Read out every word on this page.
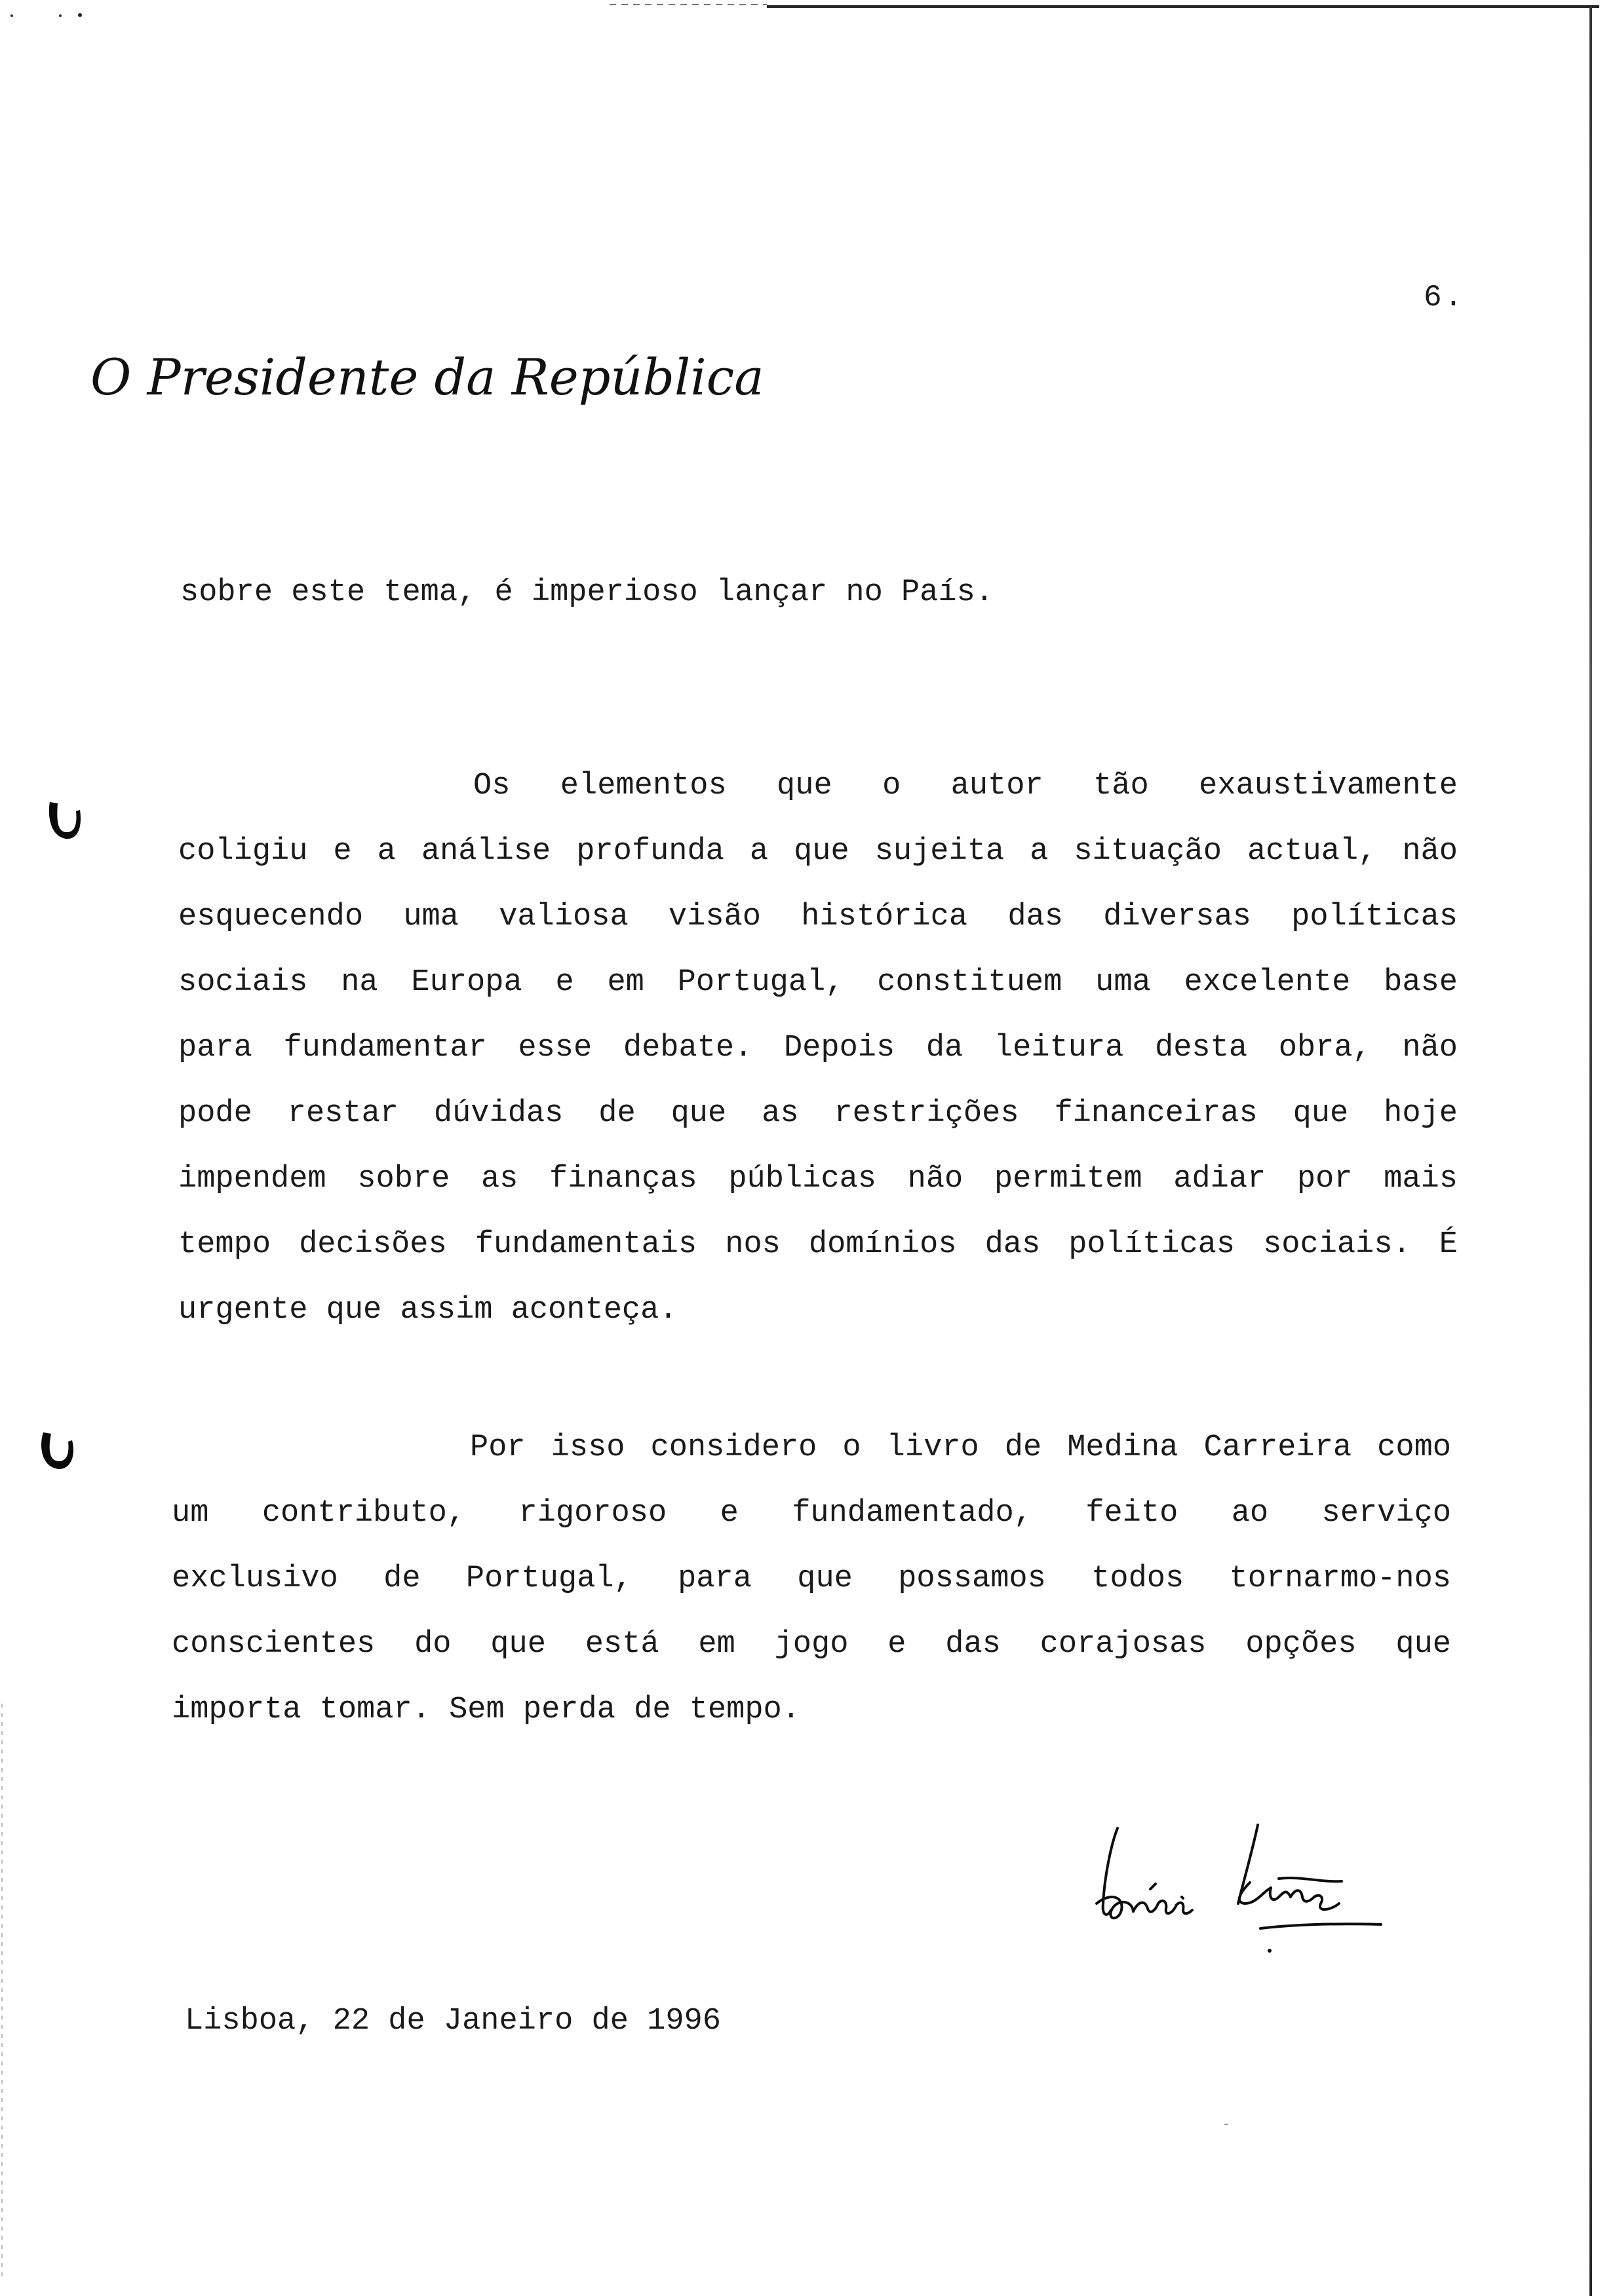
6.
O Presidente da República
sobre este tema, é imperioso lançar no País.
Os elementos que o autor tão exaustivamente
coligiu e a análise profunda a que sujeita a situação actual, não
esquecendo uma valiosa visão histórica das diversas políticas
sociais na Europa e em Portugal, constituem uma excelente base
para fundamentar esse debate. Depois da leitura desta obra, não
pode restar dúvidas de que as restrições financeiras que hoje
impendem sobre as finanças públicas não permitem adiar por mais
tempo decisões fundamentais nos domínios das políticas sociais. É
urgente que assim aconteça.
Por isso considero o livro de Medina Carreira como
um contributo, rigoroso e fundamentado, feito ao serviço
exclusivo de Portugal, para que possamos todos tornarmo-nos
conscientes do que está em jogo e das corajosas opções que
importa tomar. Sem perda de tempo.
Lisboa, 22 de Janeiro de 1996
